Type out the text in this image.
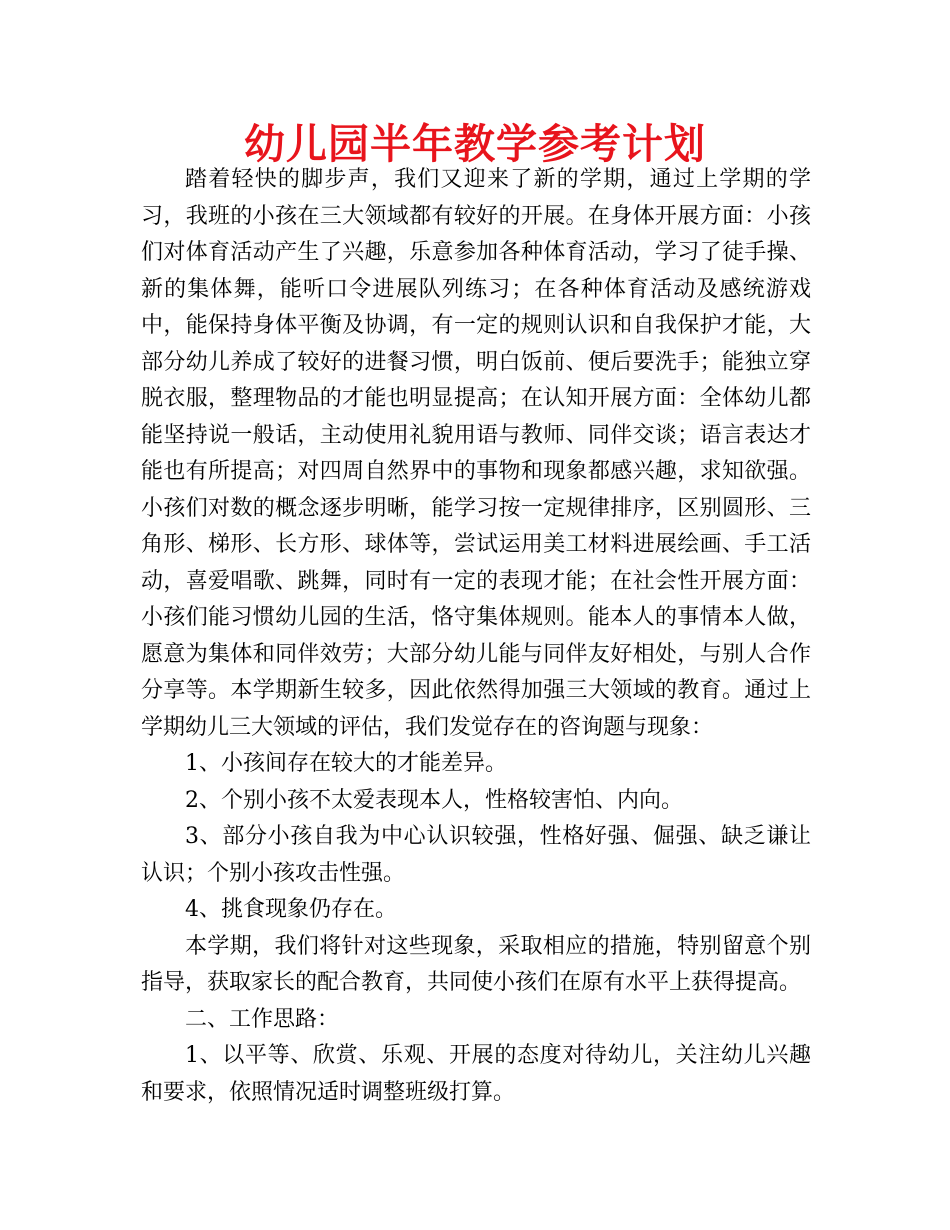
幼儿园半年教学参考计划

踏着轻快的脚步声，我们又迎来了新的学期，通过上学期的学习，我班的小孩在三大领域都有较好的开展。在身体开展方面：小孩们对体育活动产生了兴趣，乐意参加各种体育活动，学习了徒手操、新的集体舞，能听口令进展队列练习；在各种体育活动及感统游戏中，能保持身体平衡及协调，有一定的规则认识和自我保护才能，大部分幼儿养成了较好的进餐习惯，明白饭前、便后要洗手；能独立穿脱衣服，整理物品的才能也明显提高；在认知开展方面：全体幼儿都能坚持说一般话，主动使用礼貌用语与教师、同伴交谈；语言表达才能也有所提高；对四周自然界中的事物和现象都感兴趣，求知欲强。小孩们对数的概念逐步明晰，能学习按一定规律排序，区别圆形、三角形、梯形、长方形、球体等，尝试运用美工材料进展绘画、手工活动，喜爱唱歌、跳舞，同时有一定的表现才能；在社会性开展方面：小孩们能习惯幼儿园的生活，恪守集体规则。能本人的事情本人做，愿意为集体和同伴效劳；大部分幼儿能与同伴友好相处，与别人合作分享等。本学期新生较多，因此依然得加强三大领域的教育。通过上学期幼儿三大领域的评估，我们发觉存在的咨询题与现象：

1、小孩间存在较大的才能差异。

2、个别小孩不太爱表现本人，性格较害怕、内向。

3、部分小孩自我为中心认识较强，性格好强、倔强、缺乏谦让认识；个别小孩攻击性强。

4、挑食现象仍存在。

本学期，我们将针对这些现象，采取相应的措施，特别留意个别指导，获取家长的配合教育，共同使小孩们在原有水平上获得提高。

二、工作思路：

1、以平等、欣赏、乐观、开展的态度对待幼儿，关注幼儿兴趣和要求，依照情况适时调整班级打算。
